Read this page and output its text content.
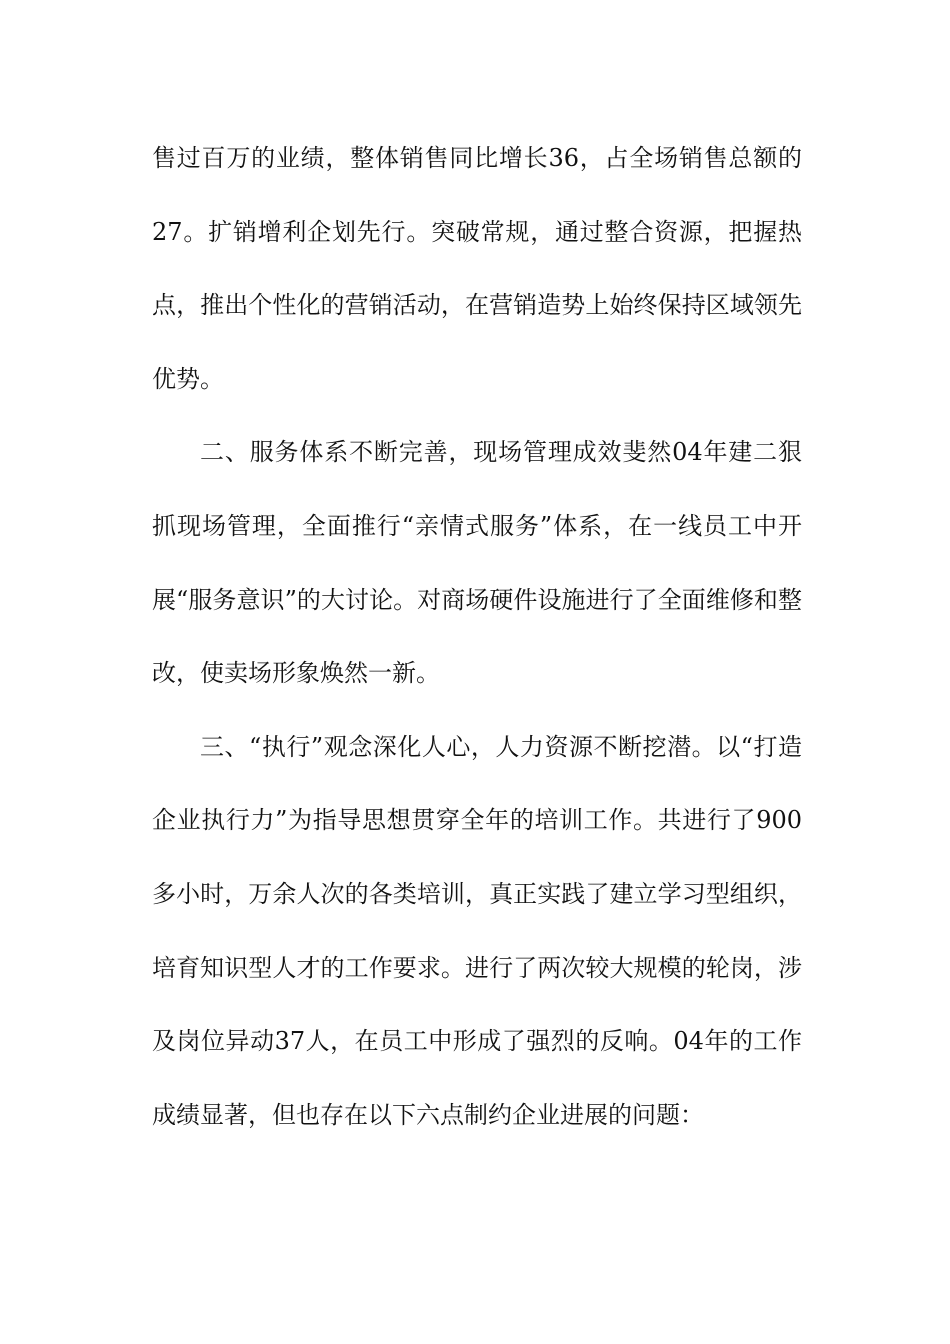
售过百万的业绩，整体销售同比增长36，占全场销售总额的27。扩销增利企划先行。突破常规，通过整合资源，把握热点，推出个性化的营销活动，在营销造势上始终保持区域领先优势。

二、服务体系不断完善，现场管理成效斐然04年建二狠抓现场管理，全面推行“亲情式服务”体系，在一线员工中开展“服务意识”的大讨论。对商场硬件设施进行了全面维修和整改，使卖场形象焕然一新。

三、“执行”观念深化人心，人力资源不断挖潜。以“打造企业执行力”为指导思想贯穿全年的培训工作。共进行了900多小时，万余人次的各类培训，真正实践了建立学习型组织，培育知识型人才的工作要求。进行了两次较大规模的轮岗，涉及岗位异动37人，在员工中形成了强烈的反响。04年的工作成绩显著，但也存在以下六点制约企业进展的问题：
